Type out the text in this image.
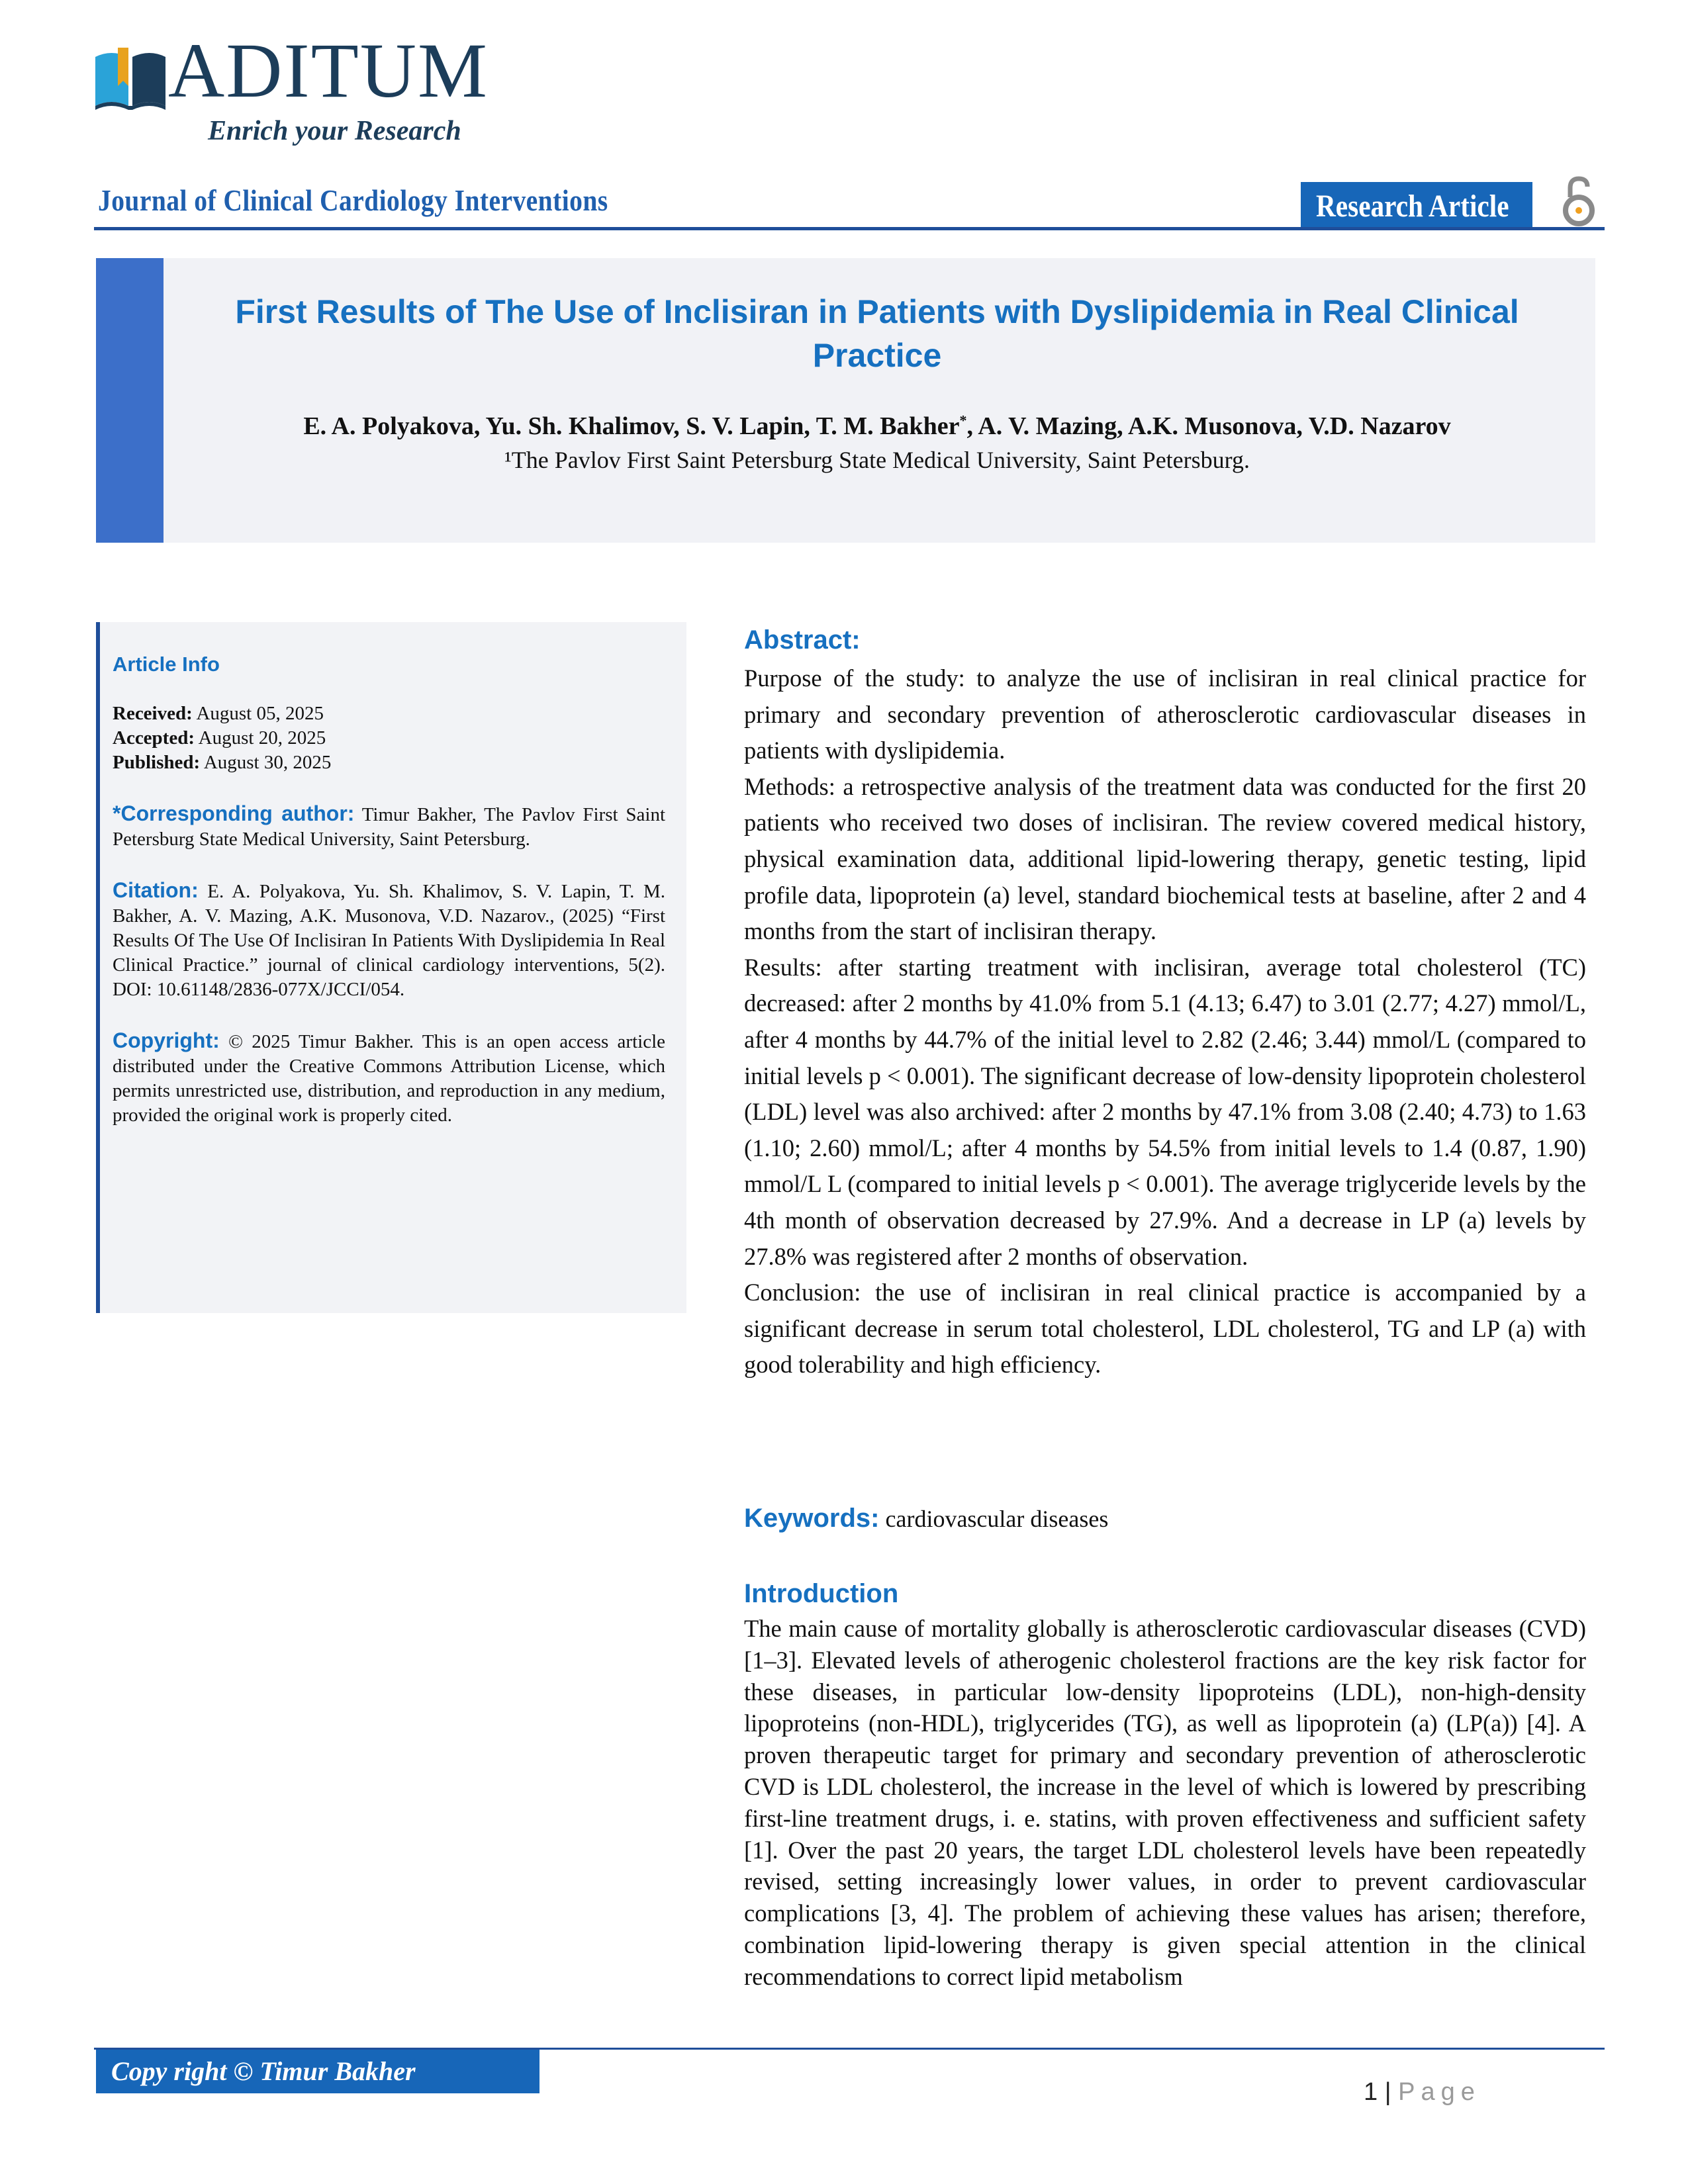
ADITUM
Enrich your Research
Journal of Clinical Cardiology Interventions	Research Article
First Results of The Use of Inclisiran in Patients with Dyslipidemia in Real Clinical Practice
E. A. Polyakova, Yu. Sh. Khalimov, S. V. Lapin, T. M. Bakher*, A. V. Mazing, A.K. Musonova, V.D. Nazarov
¹The Pavlov First Saint Petersburg State Medical University, Saint Petersburg.
Article Info

Received: August 05, 2025

Accepted: August 20, 2025

Published: August 30, 2025

*Corresponding author: Timur Bakher, The Pavlov First Saint Petersburg State Medical University, Saint Petersburg.

Citation: E. A. Polyakova, Yu. Sh. Khalimov, S. V. Lapin, T. M. Bakher, A. V. Mazing, A.K. Musonova, V.D. Nazarov., (2025) “First Results Of The Use Of Inclisiran In Patients With Dyslipidemia In Real Clinical Practice.” journal of clinical cardiology interventions, 5(2). DOI: 10.61148/2836-077X/JCCI/054.

Copyright: © 2025 Timur Bakher. This is an open access article distributed under the Creative Commons Attribution License, which permits unrestricted use, distribution, and reproduction in any medium, provided the original work is properly cited.

Abstract:

Purpose of the study: to analyze the use of inclisiran in real clinical practice for primary and secondary prevention of atherosclerotic cardiovascular diseases in patients with dyslipidemia.

Methods: a retrospective analysis of the treatment data was conducted for the first 20 patients who received two doses of inclisiran. The review covered medical history, physical examination data, additional lipid-lowering therapy, genetic testing, lipid profile data, lipoprotein (a) level, standard biochemical tests at baseline, after 2 and 4 months from the start of inclisiran therapy.

Results: after starting treatment with inclisiran, average total cholesterol (TC) decreased: after 2 months by 41.0% from 5.1 (4.13; 6.47) to 3.01 (2.77; 4.27) mmol/L, after 4 months by 44.7% of the initial level to 2.82 (2.46; 3.44) mmol/L (compared to initial levels p < 0.001). The significant decrease of low-density lipoprotein cholesterol (LDL) level was also archived: after 2 months by 47.1% from 3.08 (2.40; 4.73) to 1.63 (1.10; 2.60) mmol/L; after 4 months by 54.5% from initial levels to 1.4 (0.87, 1.90) mmol/L L (compared to initial levels p < 0.001). The average triglyceride levels by the 4th month of observation decreased by 27.9%. And a decrease in LP (a) levels by 27.8% was registered after 2 months of observation.

Conclusion: the use of inclisiran in real clinical practice is accompanied by a significant decrease in serum total cholesterol, LDL cholesterol, TG and LP (a) with good tolerability and high efficiency.

Keywords: cardiovascular diseases
Introduction

The main cause of mortality globally is atherosclerotic cardiovascular diseases (CVD) [1–3]. Elevated levels of atherogenic cholesterol fractions are the key risk factor for these diseases, in particular low-density lipoproteins (LDL), non-high-density lipoproteins (non-HDL), triglycerides (TG), as well as lipoprotein (a) (LP(a)) [4]. A proven therapeutic target for primary and secondary prevention of atherosclerotic CVD is LDL cholesterol, the increase in the level of which is lowered by prescribing first-line treatment drugs, i. e. statins, with proven effectiveness and sufficient safety [1]. Over the past 20 years, the target LDL cholesterol levels have been repeatedly revised, setting increasingly lower values, in order to prevent cardiovascular complications [3, 4]. The problem of achieving these values has arisen; therefore, combination lipid-lowering therapy is given special attention in the clinical recommendations to correct lipid metabolism

Copy right © Timur Bakher
1 | Page
